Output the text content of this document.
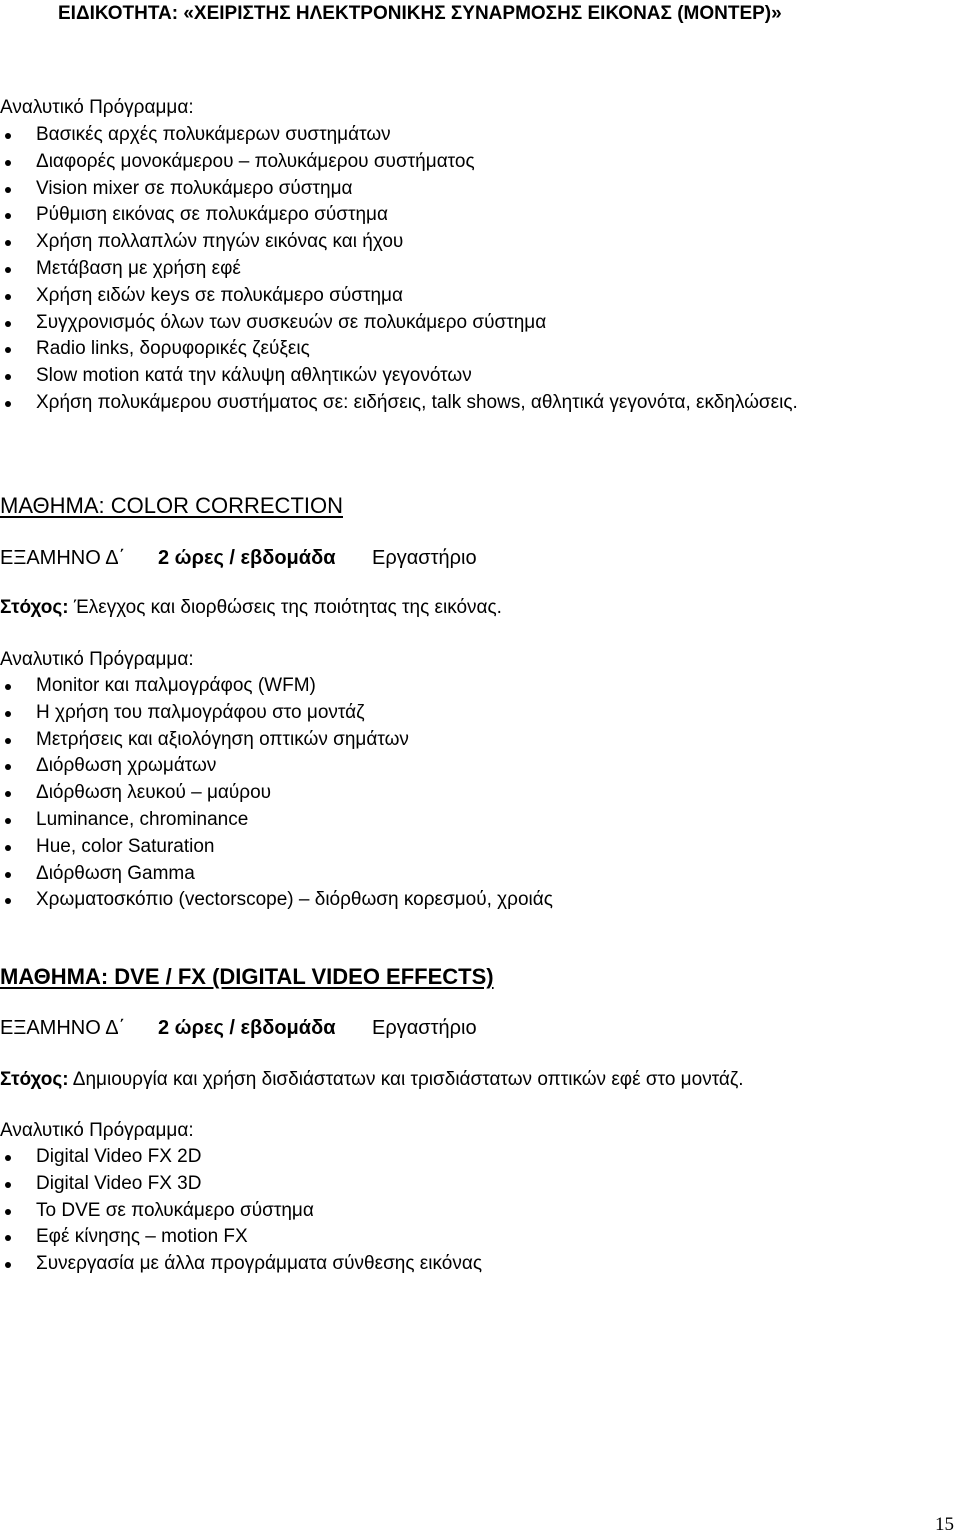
ΕΙΔΙΚΟΤΗΤΑ: «ΧΕΙΡΙΣΤΗΣ ΗΛΕΚΤΡΟΝΙΚΗΣ ΣΥΝΑΡΜΟΣΗΣ ΕΙΚΟΝΑΣ (ΜΟΝΤΕΡ)»
Αναλυτικό Πρόγραμμα:
Βασικές αρχές πολυκάμερων συστημάτων
Διαφορές μονοκάμερου – πολυκάμερου συστήματος
Vision mixer σε πολυκάμερο σύστημα
Ρύθμιση εικόνας σε πολυκάμερο σύστημα
Χρήση πολλαπλών πηγών εικόνας και ήχου
Μετάβαση με χρήση εφέ
Χρήση ειδών keys σε πολυκάμερο σύστημα
Συγχρονισμός όλων των συσκευών σε πολυκάμερο σύστημα
Radio links, δορυφορικές ζεύξεις
Slow motion κατά την κάλυψη αθλητικών γεγονότων
Χρήση πολυκάμερου συστήματος σε: ειδήσεις, talk shows, αθλητικά γεγονότα, εκδηλώσεις.
ΜΑΘΗΜΑ: COLOR CORRECTION
ΕΞΑΜΗΝΟ Δ΄ 2 ώρες / εβδομάδα Εργαστήριο
Στόχος: Έλεγχος και διορθώσεις της ποιότητας της εικόνας.
Αναλυτικό Πρόγραμμα:
Monitor και παλμογράφος (WFM)
Η χρήση του παλμογράφου στο μοντάζ
Μετρήσεις και αξιολόγηση οπτικών σημάτων
Διόρθωση χρωμάτων
Διόρθωση λευκού – μαύρου
Luminance, chrominance
Hue, color Saturation
Διόρθωση Gamma
Χρωματοσκόπιο (vectorscope) – διόρθωση κορεσμού, χροιάς
ΜΑΘΗΜΑ: DVE / FX (DIGITAL VIDEO EFFECTS)
ΕΞΑΜΗΝΟ Δ΄ 2 ώρες / εβδομάδα Εργαστήριο
Στόχος: Δημιουργία και χρήση δισδιάστατων και τρισδιάστατων οπτικών εφέ στο μοντάζ.
Αναλυτικό Πρόγραμμα:
Digital Video FX 2D
Digital Video FX 3D
To DVE σε πολυκάμερο σύστημα
Εφέ κίνησης – motion FX
Συνεργασία με άλλα προγράμματα σύνθεσης εικόνας
15
